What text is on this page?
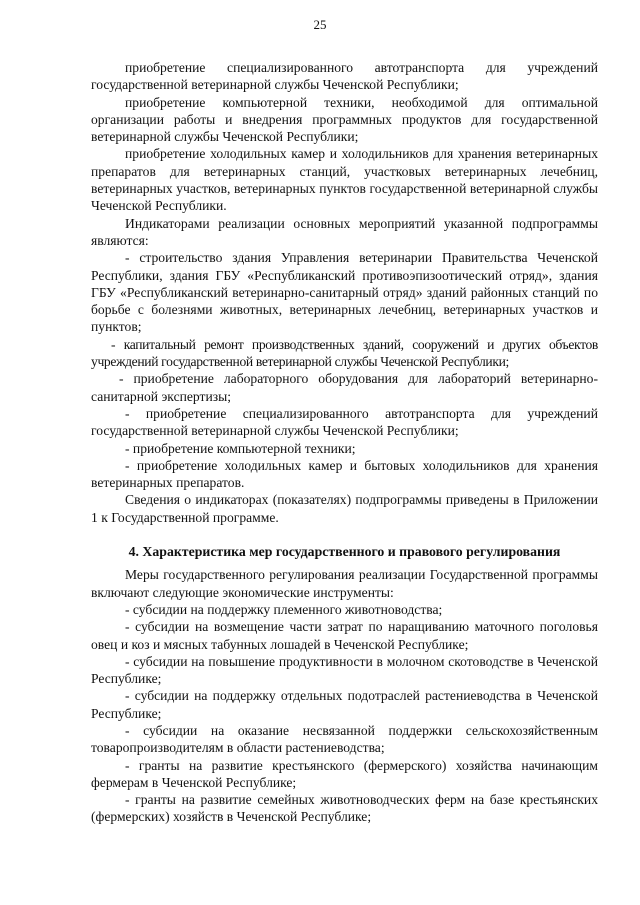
25

приобретение специализированного автотранспорта для учреждений государственной ветеринарной службы Чеченской Республики;

приобретение компьютерной техники, необходимой для оптимальной организации работы и внедрения программных продуктов для государственной ветеринарной службы Чеченской Республики;

приобретение холодильных камер и холодильников для хранения ветеринарных препаратов для ветеринарных станций, участковых ветеринарных лечебниц, ветеринарных участков, ветеринарных пунктов государственной ветеринарной службы Чеченской Республики.

Индикаторами реализации основных мероприятий указанной подпрограммы являются:

- строительство здания Управления ветеринарии Правительства Чеченской Республики, здания ГБУ «Республиканский противоэпизоотический отряд», здания ГБУ «Республиканский ветеринарно-санитарный отряд» зданий районных станций по борьбе с болезнями животных, ветеринарных лечебниц, ветеринарных участков и пунктов;

- капитальный ремонт производственных зданий, сооружений и других объектов учреждений государственной ветеринарной службы Чеченской Республики;

- приобретение лабораторного оборудования для лабораторий ветеринарно-санитарной экспертизы;

- приобретение специализированного автотранспорта для учреждений государственной ветеринарной службы Чеченской Республики;

- приобретение компьютерной техники;

- приобретение холодильных камер и бытовых холодильников для хранения ветеринарных препаратов.

Сведения о индикаторах (показателях) подпрограммы приведены в Приложении 1 к Государственной программе.

4. Характеристика мер государственного и правового регулирования

Меры государственного регулирования реализации Государственной программы включают следующие экономические инструменты:

- субсидии на поддержку племенного животноводства;

- субсидии на возмещение части затрат по наращиванию маточного поголовья овец и коз и мясных табунных лошадей в Чеченской Республике;

- субсидии на повышение продуктивности в молочном скотоводстве в Чеченской Республике;

- субсидии на поддержку отдельных подотраслей растениеводства в Чеченской Республике;

- субсидии на оказание несвязанной поддержки сельскохозяйственным товаропроизводителям в области растениеводства;

- гранты на развитие крестьянского (фермерского) хозяйства начинающим фермерам в Чеченской Республике;

- гранты на развитие семейных животноводческих ферм на базе крестьянских (фермерских) хозяйств в Чеченской Республике;
